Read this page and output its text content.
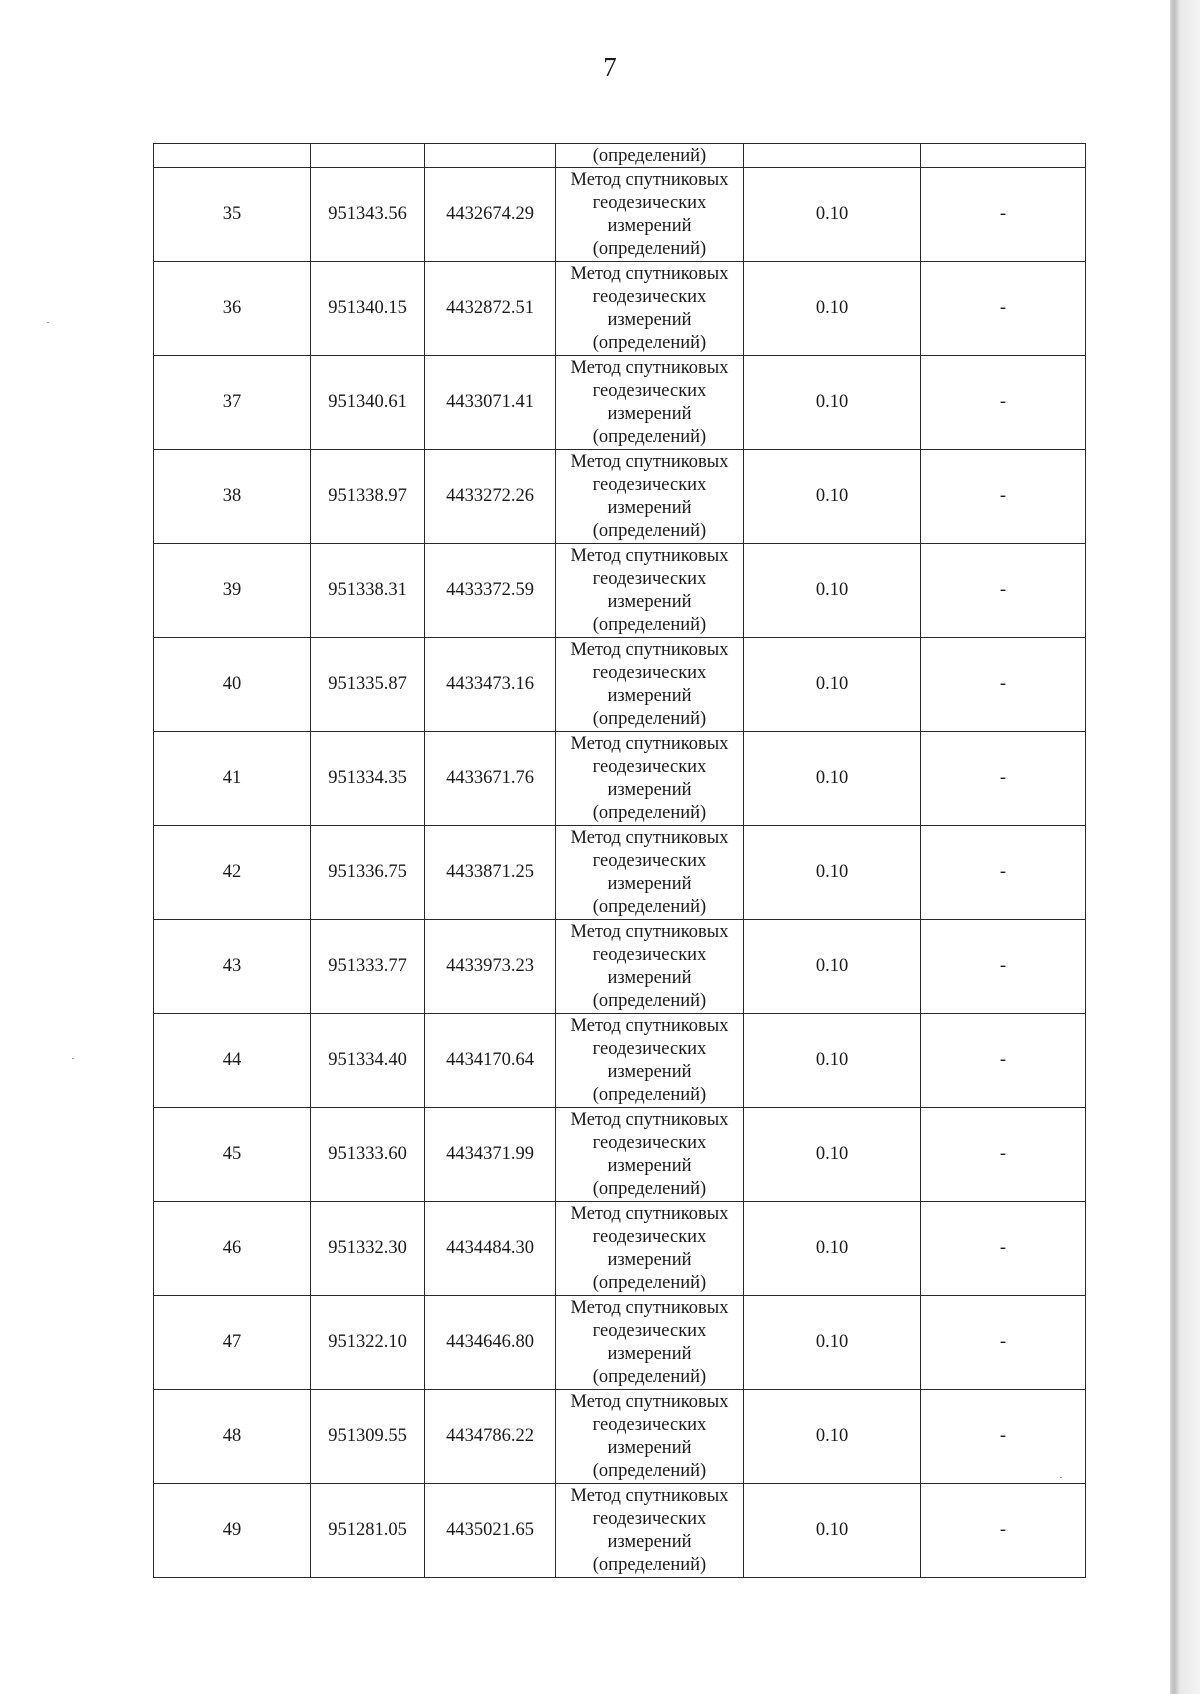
7
			(определений)		
35	951343.56	4432674.29	Метод спутниковых
геодезических
измерений
(определений)	0.10	-
36	951340.15	4432872.51	Метод спутниковых
геодезических
измерений
(определений)	0.10	-
37	951340.61	4433071.41	Метод спутниковых
геодезических
измерений
(определений)	0.10	-
38	951338.97	4433272.26	Метод спутниковых
геодезических
измерений
(определений)	0.10	-
39	951338.31	4433372.59	Метод спутниковых
геодезических
измерений
(определений)	0.10	-
40	951335.87	4433473.16	Метод спутниковых
геодезических
измерений
(определений)	0.10	-
41	951334.35	4433671.76	Метод спутниковых
геодезических
измерений
(определений)	0.10	-
42	951336.75	4433871.25	Метод спутниковых
геодезических
измерений
(определений)	0.10	-
43	951333.77	4433973.23	Метод спутниковых
геодезических
измерений
(определений)	0.10	-
44	951334.40	4434170.64	Метод спутниковых
геодезических
измерений
(определений)	0.10	-
45	951333.60	4434371.99	Метод спутниковых
геодезических
измерений
(определений)	0.10	-
46	951332.30	4434484.30	Метод спутниковых
геодезических
измерений
(определений)	0.10	-
47	951322.10	4434646.80	Метод спутниковых
геодезических
измерений
(определений)	0.10	-
48	951309.55	4434786.22	Метод спутниковых
геодезических
измерений
(определений)	0.10	-
49	951281.05	4435021.65	Метод спутниковых
геодезических
измерений
(определений)	0.10	-
